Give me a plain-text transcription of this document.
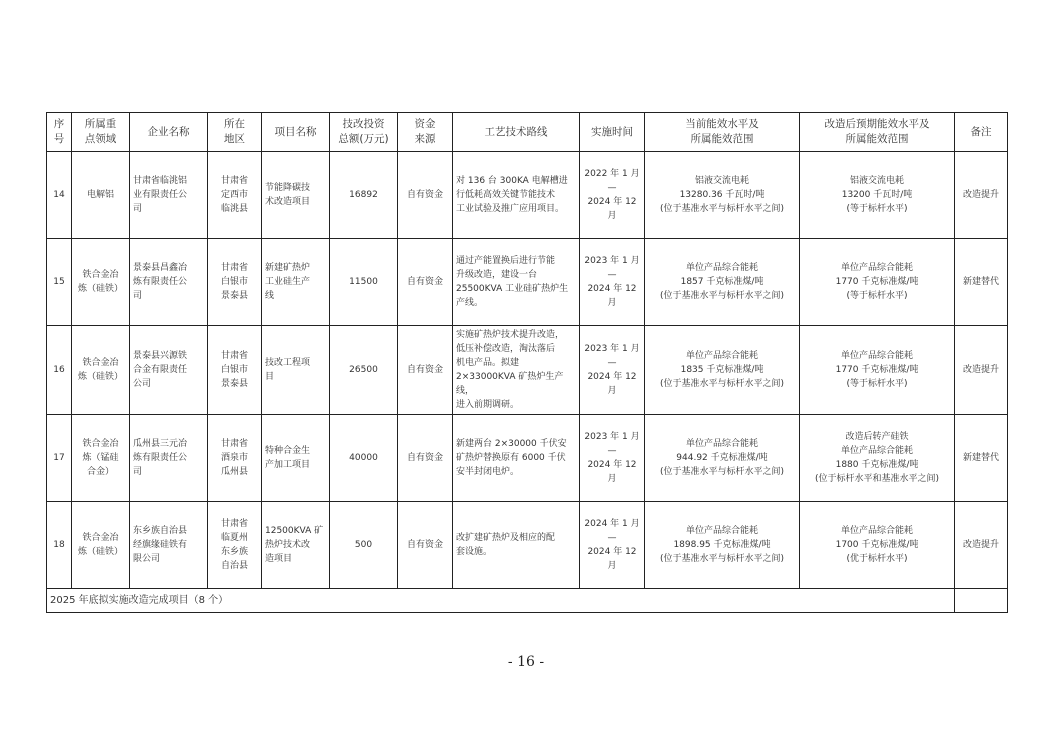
序
号	所属重
点领域	企业名称	所在
地区	项目名称	技改投资
总额(万元)	资金
来源	工艺技术路线	实施时间	当前能效水平及
所属能效范围	改造后预期能效水平及
所属能效范围	备注
14	电解铝	甘肃省临洮铝
业有限责任公
司	甘肃省
定西市
临洮县	节能降碳技
术改造项目	16892	自有资金	对 136 台 300KA 电解槽进
行低耗高效关键节能技术
工业试验及推广应用项目。	2022 年 1 月
—
2024 年 12 月	铝液交流电耗
13280.36 千瓦时/吨
(位于基准水平与标杆水平之间)	铝液交流电耗
13200 千瓦时/吨
(等于标杆水平)	改造提升
15	铁合金冶
炼（硅铁）	景泰县昌鑫冶
炼有限责任公
司	甘肃省
白银市
景泰县	新建矿热炉
工业硅生产
线	11500	自有资金	通过产能置换后进行节能
升级改造，建设一台
25500KVA 工业硅矿热炉生
产线。	2023 年 1 月
—
2024 年 12 月	单位产品综合能耗
1857 千克标准煤/吨
(位于基准水平与标杆水平之间)	单位产品综合能耗
1770 千克标准煤/吨
(等于标杆水平)	新建替代
16	铁合金冶
炼（硅铁）	景泰县兴源铁
合金有限责任
公司	甘肃省
白银市
景泰县	技改工程项
目	26500	自有资金	实施矿热炉技术提升改造，
低压补偿改造，淘汰落后
机电产品。拟建
2×33000KVA 矿热炉生产线，
进入前期调研。	2023 年 1 月
—
2024 年 12 月	单位产品综合能耗
1835 千克标准煤/吨
(位于基准水平与标杆水平之间)	单位产品综合能耗
1770 千克标准煤/吨
(等于标杆水平)	改造提升
17	铁合金冶
炼（锰硅
合金）	瓜州县三元冶
炼有限责任公
司	甘肃省
酒泉市
瓜州县	特种合金生
产加工项目	40000	自有资金	新建两台 2×30000 千伏安
矿热炉替换原有 6000 千伏
安半封闭电炉。	2023 年 1 月
—
2024 年 12 月	单位产品综合能耗
944.92 千克标准煤/吨
(位于基准水平与标杆水平之间)	改造后转产硅铁
单位产品综合能耗
1880 千克标准煤/吨
(位于标杆水平和基准水平之间)	新建替代
18	铁合金冶
炼（硅铁）	东乡族自治县
经旗缘硅铁有
限公司	甘肃省
临夏州
东乡族
自治县	12500KVA 矿
热炉技术改
造项目	500	自有资金	改扩建矿热炉及相应的配
套设施。	2024 年 1 月
—
2024 年 12 月	单位产品综合能耗
1898.95 千克标准煤/吨
(位于基准水平与标杆水平之间)	单位产品综合能耗
1700 千克标准煤/吨
(优于标杆水平)	改造提升
2025 年底拟实施改造完成项目（8 个）											
- 16 -
